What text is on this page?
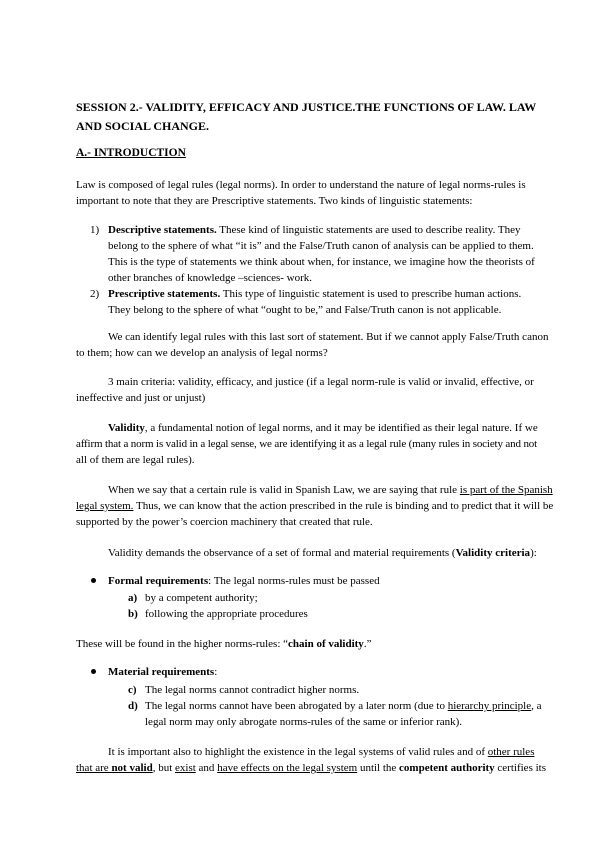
SESSION 2.- VALIDITY, EFFICACY AND JUSTICE.THE FUNCTIONS OF LAW. LAW AND SOCIAL CHANGE.

A.- INTRODUCTION

Law is composed of legal rules (legal norms). In order to understand the nature of legal norms-rules is

important to note that they are Prescriptive statements. Two kinds of linguistic statements:

1) Descriptive statements. These kind of linguistic statements are used to describe reality. They

belong to the sphere of what “it is” and the False/Truth canon of analysis can be applied to them.

This is the type of statements we think about when, for instance, we imagine how the theorists of

other branches of knowledge –sciences- work.

2) Prescriptive statements. This type of linguistic statement is used to prescribe human actions.

They belong to the sphere of what “ought to be,” and False/Truth canon is not applicable.

We can identify legal rules with this last sort of statement. But if we cannot apply False/Truth canon

to them; how can we develop an analysis of legal norms?

3 main criteria: validity, efficacy, and justice (if a legal norm-rule is valid or invalid, effective, or

ineffective and just or unjust)

Validity, a fundamental notion of legal norms, and it may be identified as their legal nature. If we

affirm that a norm is valid in a legal sense, we are identifying it as a legal rule (many rules in society and not

all of them are legal rules).

When we say that a certain rule is valid in Spanish Law, we are saying that rule is part of the Spanish

legal system. Thus, we can know that the action prescribed in the rule is binding and to predict that it will be

supported by the power’s coercion machinery that created that rule.

Validity demands the observance of a set of formal and material requirements (Validity criteria):

Formal requirements: The legal norms-rules must be passed

a) by a competent authority;

b) following the appropriate procedures

These will be found in the higher norms-rules: “chain of validity.”

Material requirements:

c) The legal norms cannot contradict higher norms.

d) The legal norms cannot have been abrogated by a later norm (due to hierarchy principle, a

legal norm may only abrogate norms-rules of the same or inferior rank).

It is important also to highlight the existence in the legal systems of valid rules and of other rules

that are not valid, but exist and have effects on the legal system until the competent authority certifies its
